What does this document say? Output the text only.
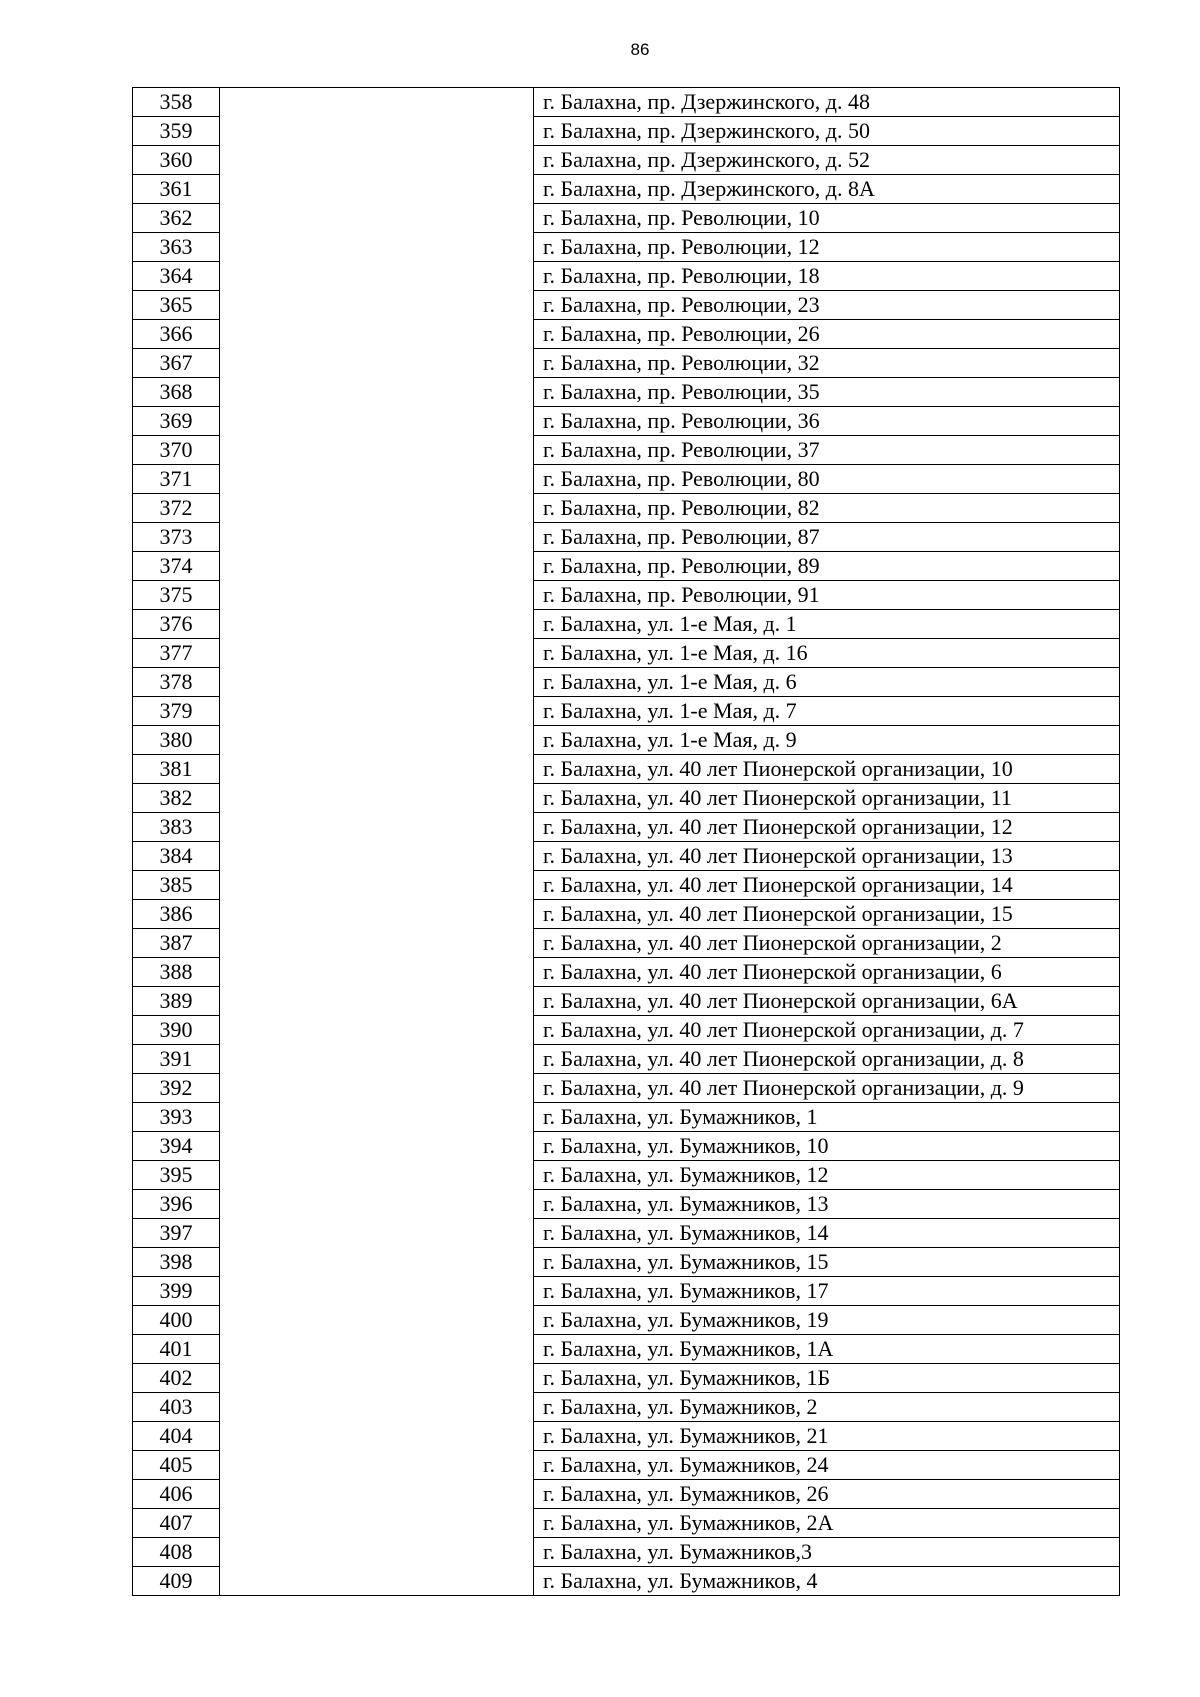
86
358		г. Балахна, пр. Дзержинского, д. 48
359		г. Балахна, пр. Дзержинского, д. 50
360		г. Балахна, пр. Дзержинского, д. 52
361		г. Балахна, пр. Дзержинского, д. 8А
362		г. Балахна, пр. Революции, 10
363		г. Балахна, пр. Революции, 12
364		г. Балахна, пр. Революции, 18
365		г. Балахна, пр. Революции, 23
366		г. Балахна, пр. Революции, 26
367		г. Балахна, пр. Революции, 32
368		г. Балахна, пр. Революции, 35
369		г. Балахна, пр. Революции, 36
370		г. Балахна, пр. Революции, 37
371		г. Балахна, пр. Революции, 80
372		г. Балахна, пр. Революции, 82
373		г. Балахна, пр. Революции, 87
374		г. Балахна, пр. Революции, 89
375		г. Балахна, пр. Революции, 91
376		г. Балахна, ул. 1-е Мая, д. 1
377		г. Балахна, ул. 1-е Мая, д. 16
378		г. Балахна, ул. 1-е Мая, д. 6
379		г. Балахна, ул. 1-е Мая, д. 7
380		г. Балахна, ул. 1-е Мая, д. 9
381		г. Балахна, ул. 40 лет Пионерской организации, 10
382		г. Балахна, ул. 40 лет Пионерской организации, 11
383		г. Балахна, ул. 40 лет Пионерской организации, 12
384		г. Балахна, ул. 40 лет Пионерской организации, 13
385		г. Балахна, ул. 40 лет Пионерской организации, 14
386		г. Балахна, ул. 40 лет Пионерской организации, 15
387		г. Балахна, ул. 40 лет Пионерской организации, 2
388		г. Балахна, ул. 40 лет Пионерской организации, 6
389		г. Балахна, ул. 40 лет Пионерской организации, 6А
390		г. Балахна, ул. 40 лет Пионерской организации, д. 7
391		г. Балахна, ул. 40 лет Пионерской организации, д. 8
392		г. Балахна, ул. 40 лет Пионерской организации, д. 9
393		г. Балахна, ул. Бумажников, 1
394		г. Балахна, ул. Бумажников, 10
395		г. Балахна, ул. Бумажников, 12
396		г. Балахна, ул. Бумажников, 13
397		г. Балахна, ул. Бумажников, 14
398		г. Балахна, ул. Бумажников, 15
399		г. Балахна, ул. Бумажников, 17
400		г. Балахна, ул. Бумажников, 19
401		г. Балахна, ул. Бумажников, 1А
402		г. Балахна, ул. Бумажников, 1Б
403		г. Балахна, ул. Бумажников, 2
404		г. Балахна, ул. Бумажников, 21
405		г. Балахна, ул. Бумажников, 24
406		г. Балахна, ул. Бумажников, 26
407		г. Балахна, ул. Бумажников, 2А
408		г. Балахна, ул. Бумажников,3
409		г. Балахна, ул. Бумажников, 4
